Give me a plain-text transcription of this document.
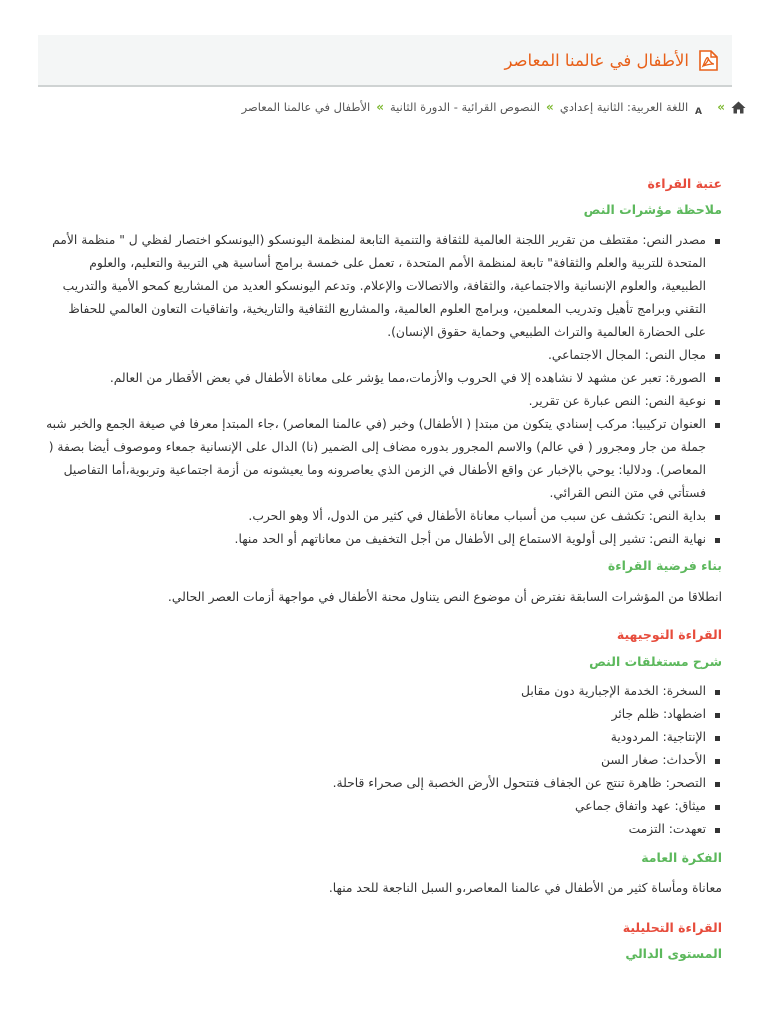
الأطفال في عالمنا المعاصر
»
A
اللغة العربية: الثانية إعدادي
»
النصوص القرائية - الدورة الثانية
»
الأطفال في عالمنا المعاصر
عتبة القراءة
ملاحظة مؤشرات النص
مصدر النص: مقتطف من تقرير اللجنة العالمية للثقافة والتنمية التابعة لمنظمة اليونسكو (اليونسكو اختصار لفظي ل " منظمة الأمم المتحدة للتربية والعلم والثقافة" تابعة لمنظمة الأمم المتحدة ، تعمل على خمسة برامج أساسية هي التربية والتعليم، والعلوم الطبيعية، والعلوم الإنسانية والاجتماعية، والثقافة، والاتصالات والإعلام. وتدعم اليونسكو العديد من المشاريع كمحو الأمية والتدريب التقني وبرامج تأهيل وتدريب المعلمين، وبرامج العلوم العالمية، والمشاريع الثقافية والتاريخية، واتفاقيات التعاون العالمي للحفاظ على الحضارة العالمية والتراث الطبيعي وحماية حقوق الإنسان).
مجال النص: المجال الاجتماعي.
الصورة: تعبر عن مشهد لا نشاهده إلا في الحروب والأزمات،مما يؤشر على معاناة الأطفال في بعض الأقطار من العالم.
نوعية النص: النص عبارة عن تقرير.
العنوان تركيبيا: مركب إسنادي يتكون من مبتدإ ( الأطفال) وخبر (في عالمنا المعاصر) ،جاء المبتدإ معرفا في صيغة الجمع والخبر شبه جملة من جار ومجرور ( في عالم) والاسم المجرور بدوره مضاف إلى الضمير (نا) الدال على الإنسانية جمعاء وموصوف أيضا بصفة ( المعاصر). ودلاليا: يوحي بالإخبار عن واقع الأطفال في الزمن الذي يعاصرونه وما يعيشونه من أزمة اجتماعية وتربوية،أما التفاصيل فستأتي في متن النص القرائي.
بداية النص: تكشف عن سبب من أسباب معاناة الأطفال في كثير من الدول، ألا وهو الحرب.
نهاية النص: تشير إلى أولوية الاستماع إلى الأطفال من أجل التخفيف من معاناتهم أو الحد منها.
بناء فرضية القراءة

انطلاقا من المؤشرات السابقة نفترض أن موضوع النص يتناول محنة الأطفال في مواجهة أزمات العصر الحالي.

القراءة التوجيهية
شرح مستغلقات النص
السخرة: الخدمة الإجبارية دون مقابل
اضطهاد: ظلم جائر
الإنتاجية: المردودية
الأحداث: صغار السن
التصحر: ظاهرة تنتج عن الجفاف فتتحول الأرض الخصبة إلى صحراء قاحلة.
ميثاق: عهد واتفاق جماعي
تعهدت: التزمت
الفكرة العامة

معاناة ومأساة كثير من الأطفال في عالمنا المعاصر،و السبل الناجعة للحد منها.

القراءة التحليلية
المستوى الدالي
